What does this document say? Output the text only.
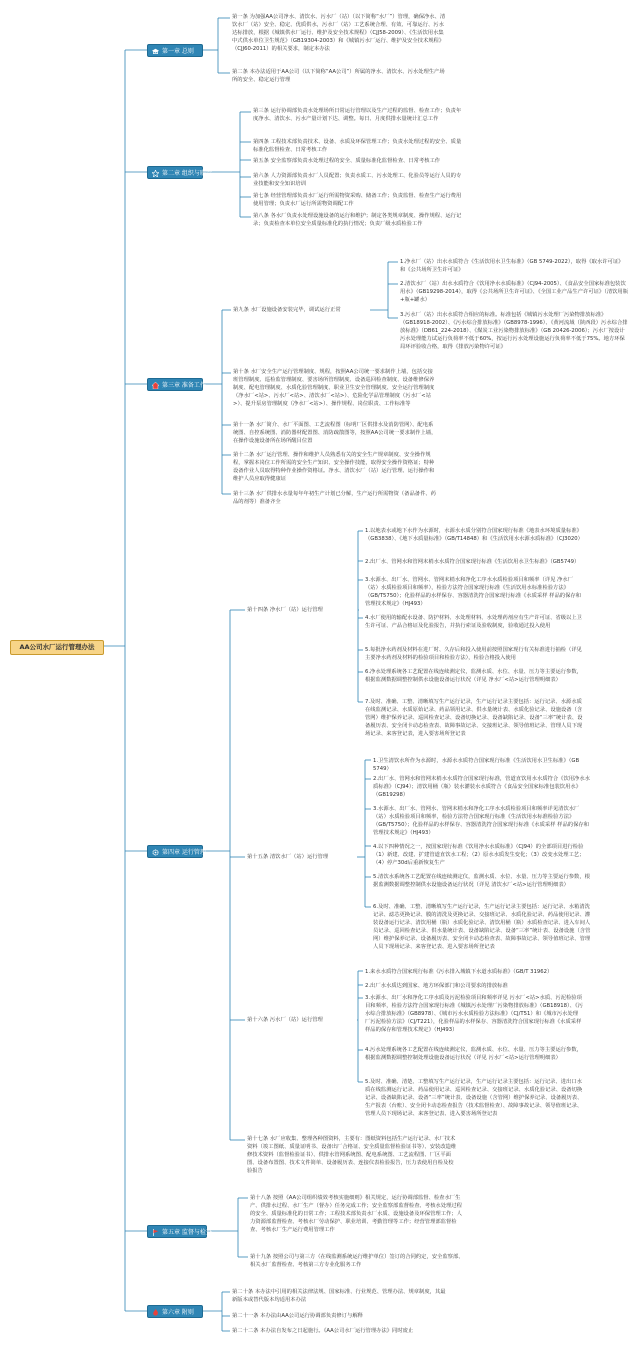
AA公司水厂运行管理办法
第一章 总则
第二章 组织与职责
第三章 准备工作
第四章 运行管理
第五章 监督与检查
第六章 附则
第一条 为加强AA公司净水、清饮水、污水厂（站）（以下简称“水厂”）管理，确保净水、清饮水厂（站）安全、稳定、优质供水，污水厂（站）工艺系统合理、有效、可靠运行、污水达标排放，根据《城镇供水厂运行、维护及安全技术规程》（CJJ58-2009）、《生活饮用水集中式供水单位卫生规范》（GB19304-2003）和《城镇污水厂运行、维护及安全技术规程》（CJJ60-2011）的相关要求，制定本办法
第二条 本办法适用于AA公司（以下简称“AA公司”）所属的净水、清饮水、污水处理生产场所的安全、稳定运行管理
第三条 运行协调部负责水处理场所日常运行管理以及生产过程的监督、检查工作；负责年度净水、清饮水、污水产量计划下达、调整。每日、月度供排水量统计汇总工作
第四条 工程技术部负责技术、设备、水质及环保管理工作；负责水处理过程的安全、质量标准化监督检查、日常考核工作
第五条 安全监察部负责水处理过程的安全、质量标准化监督检查、日常考核工作
第六条 人力资源部负责水厂人员配置；负责水质工、污水处理工、化验员等运行人员的专业技能和安全知识培训
第七条 经营管理部负责水厂运行所需物资采购、储备工作；负责监督、检查生产运行费用使用管理；负责水厂运行所需物资调配工作
第八条 各水厂负责水处理设施设备的运行和维护；制定各类规章制度、操作规程、运行记录；负责检查本单位安全质量标准化的执行情况；负责厂级水质检验工作
第九条 水厂设施设备安装完毕，调试运行正常
1.净水厂（站）出水水质符合《生活饮用水卫生标准》（GB 5749-2022），取得《取水许可证》和《公共场所卫生许可证》
2.清饮水厂（站）出水水质符合《饮用净水水质标准》（CJ94-2005）、《食品安全国家标准包装饮用水》（GB19298-2014），取得《公共场所卫生许可证》、《全国工业产品生产许可证》（清饮用瓶+瓶+罐水）
3.污水厂（站）出水水质符合相应的标准。标准包括《城镇污水处理厂污染物排放标准》（GB18918-2002）、《污水综合排放标准》（GB8978-1996）、《黄河流域（陕西段）污水综合排放标准》（DB61_224-2018）、《煤炭工业污染物排放标准》（GB 20426-2006）；污水厂按设计污水处理能力试运行负荷率不低于60%，按运行污水处理设施运行负荷率不低于75%。地方环保局环评验收合格，取得《排放污染物许可证》
第十条 水厂安全生产运行管理制度、规程，按照AA公司统一要求制作上墙，包括交接班管理制度、巡检监管理制度、要害场所管理制度、设备巡回检查制度、设备维修保养制度、配电管理制度、水质化验管理制度、职业卫生安全管理制度、安全运行管理制度（净水厂<站>、污水厂<站>、清饮水厂<站>）、危险化学品管理制度（污水厂<站>）、提升泵房管理制度（净水厂<站>）、操作规程、岗位职责、工作标准等
第十一条 水厂简介、水厂平面图、工艺流程图（标明厂区供排水及消防管网）、配电系统图、自控系统图、消防器材配置图、消防疏散图等，按照AA公司统一要求制作上墙，在操作设施设备所在场所醒目位置
第十二条 水厂运行管理、操作和维护人员熟悉有关的安全生产规章制度、安全操作规程，掌握本岗位工作所需的安全生产知识、安全操作技能，取得安全操作资格证；特种设备作业人员取得特种作业操作资格证。净水、清饮水厂（站）运行管理、运行操作和维护人员应取得健康证
第十三条 水厂供排水水量每年年初生产计划已分解，生产运行所需物资（备品备件、药品的剂等）准备齐全
第十四条 净水厂（站）运行管理
1.以地表水或地下水作为水源时，水源水水质分别符合国家现行标准《地表水环境质量标准》（GB3838）、《地下水质量标准》（GB/T14848）和《生活饮用水水源水质标准》（CJ3020）
2.出厂水、管网水和管网末梢水水质符合国家现行标准《生活饮用水卫生标准》（GB5749）
3.水源水、出厂水、管网水、管网末梢水和净化工序水水质检验项目和频率（详见 净水厂（站）水质检验项目和频率），检验方法符合国家现行标准《生活饮用水标准检验方法》（GB/T5750）；化验样品的水样保存、容器清洗符合国家现行标准《水质采样 样品的保存和管理技术规定》（HJ493）
4.水厂使用的输配水设备、防护材料、水处理材料、水处理药剂应有生产许可证、省级以上卫生许可证、产品合格证及化验报告，并执行索证及验收制度，验收通过投入使用
5.每批净水药剂及材料在进厂时、久存后和投入使用前按照国家现行有关标准进行抽检（详见主要净水药剂及材料的检验项目和检验方法），检验合格投入使用
6.净水处理系统各工艺配置在线连续测定仪，监测水质、水位、水量、压力等主要运行参数，根据监测数据调整控制供水设施设备运行状况（详见 净水厂<站>运行管理明细表）
7.及时、准确、工整、清晰填写生产运行记录，生产运行记录主要包括：运行记录、水源水质在线监测记录、水质原始记录、药品领用记录、供水量统计表、水质化验记录、设施设备（含管网）维护保养记录、巡回检查记录、设备切换记录、设备缺陷记录、设备“三率”统计表、设备履历表、安全闭卡动态检查表、故障事故记录、交接班记录、领导值班记录、管理人员下现场记录、来客登记表，进入要害场所登记表
第十五条 清饮水厂（站）运行管理
1.卫生清饮水所作为水源时，水源水水质符合国家现行标准《生活饮用水卫生标准》（GB 5749）
2.出厂水、管网水和管网末梢水水质符合国家现行标准，管道直饮用水水质符合《饮用净水水质标准》（CJ94）；清饮用桶（瓶）装水灌装水水质符合《食品安全国家标准包装饮用水》（GB19298）
3.水源水、出厂水、管网水、管网末梢水和净化工序水水质检验项目和频率详见清饮水厂（站）水质检验项目和频率，检验方法符合国家现行标准《生活饮用水标准检验方法》（GB/T5750）；化验样品的水样保存、容器清洗符合国家现行标准《水质采样 样品的保存和管理技术规定》（HJ493）
4.以下四种情况之一，按国家现行标准《饮用净水水质标准》（CJ94）的全部项目进行检验（1）新建、改建、扩建管道直饮水工程；（2）原水水质发生变化；（3）改变水处理工艺；（4）停产30d后重新恢复生产
5.清饮水系统各工艺配置在线连续测定仪，监测水质、水位、水量、压力等主要运行参数，根据监测数据调整控制供水设施设备运行状况（详见 清饮水厂<站>运行管理明细表）
6.及时、准确、工整、清晰填写生产运行记录，生产运行记录主要包括：运行记录、水箱清洗记录、滤芯更换记录、膜的清洗及更换记录、交接班记录、水质化验记录、药品使用记录、灌装设备运行记录、清饮用桶（瓶）水质化验记录、清饮用桶（瓶）水质检查记录、进入车间人员记录、巡回检查记录、供水量统计表、设备缺陷记录、设备“三率”统计表、设备设施（含管网）维护保养记录、设备履历表、安全闭卡动态检查表、故障事故记录、领导值班记录、管理人员下现场记录、来客登记表、进入要害场所登记表
第十六条 污水厂（站）运行管理
1.来水水质符合国家现行标准《污水排入城镇下水道水质标准》（GB/T 31962）
2.出厂水水质达到国家、地方环保部门和公司要求的排放标准
3.水源水、出厂水和净化工序水质及污泥检验项目和频率详见 污水厂<站>水质、污泥检验项目和频率，检验方法符合国家现行标准《城镇污水处理厂污染物排放标准》（GB18918）、《污水综合排放标准》（GB8978）、《城市污水水质检验方法标准》（CJ/T51）和《城市污水处理厂污泥检验方法》（CJ/T221），化验样品的水样保存、容器清洗符合国家现行标准《水质采样 样品的保存和管理技术规定》（HJ493）
4.污水处理系统各工艺配置在线连续测定仪，监测水质、水位、水量、压力等主要运行参数，根据监测数据调整控制处理设施设备运行状况（详见 污水厂<站>运行管理明细表）
5.及时、准确、清楚、工整填写生产运行记录，生产运行记录主要包括：运行记录、进出口水质在线监测运行记录、药品使用记录、巡回检查记录、交接班记录、水质化验记录、设备切换记录、设备缺陷记录、设备“三率”统计表、设备设施（含管网）维护保养记录、设备履历表、生产报表（台账）、安全闭卡动态检查报告（技术监督检查）、故障事故记录、领导值班记录、管理人员下现场记录、来客登记表、进入要害场所登记表
第十七条 水厂应收集、整理各种图资料，主要有：图纸资料包括生产运行记录、水厂技术资料（竣工图纸、质量证明书、设备出厂合格证、安全质量监督检验证书等）、安装改造维修技术资料（监督检验证书）、供排水管网系统图、配电系统图、工艺流程图、厂区平面图、设备布置图、技术文件简单、设备履历表、连接仪表检验报告，压力表使用自检及校验报告
第十八条 按照《AA公司组织绩效考核实施细则》相关规定，运行协调部监督、检查水厂生产、供排水过程、水厂生产（督办）任务完成工作；安全监察部监督检查、考核水处理过程的安全、质量标准化的日常工作；工程技术部负责水厂水质、设施设备及环保管理工作；人力资源部监督检查、考核水厂劳动保护、职业培训、考勤管理等工作；经营管理部监督检查、考核水厂生产运行费用管理工作
第十九条 按照公司与第三方（在线监测系统运行维护单位）签订的合同约定，安全监察部、相关水厂监督检查、考核第三方专业化服务工作
第二十条 本办法中引用的相关法律法规、国家标准、行业规范、管理办法、规章制度，其最新版本或替代版本均适用本办法
第二十一条 本办法由AA公司运行协调部负责修订与解释
第二十二条 本办法自发布之日起施行。《AA公司水厂运行管理办法》同时废止
